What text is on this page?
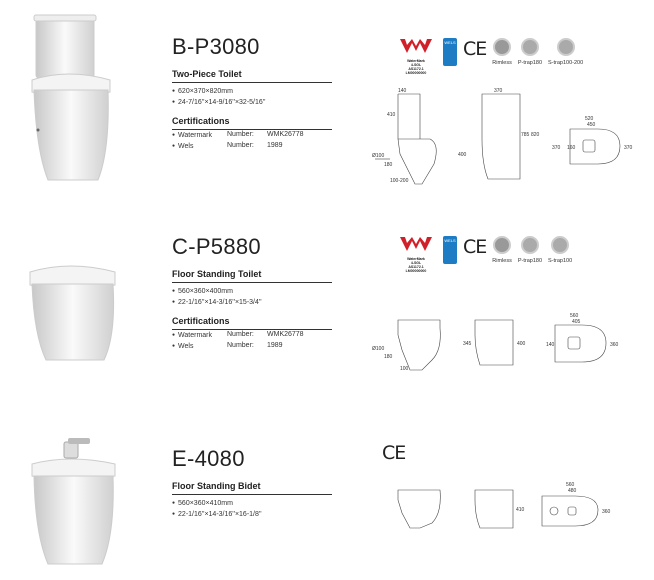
B-P3080
Two-Piece Toilet
● 620×370×820mm
● 24-7/16''×14-9/16''×32-5/16''
Certifications
● Watermark	Number:	WMK26778
● Wels	Number:	1989
WaterMark
4-SGL
AS1172.1
LM00000000
WELS CE
Rimless P-trap180 S-trap100-200
140
410
370
785 820
400
Ø100
180
100-200
520
450
370 160	370
C-P5880
Floor Standing Toilet
● 560×360×400mm
● 22-1/16''×14-3/16''×15-3/4''
Certifications
● Watermark	Number:	WMK26778
● Wels	Number:	1989
WaterMark
4-SGL
AS1172.1
LM00000000
WELS CE
Rimless P-trap180 S-trap100
Ø100
180
100
345	400
560
405
140	360
E-4080
Floor Standing Bidet
● 560×360×410mm
● 22-1/16''×14-3/16''×16-1/8''
CE
410
560
480
360
